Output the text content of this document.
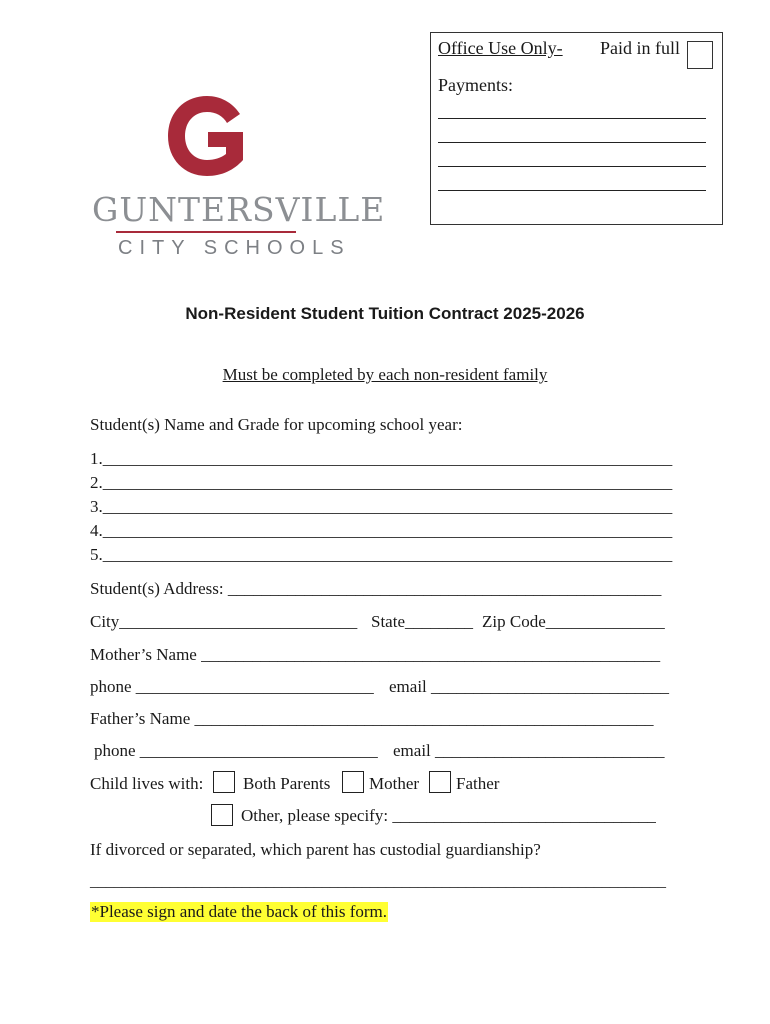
Office Use Only- Paid in full
Payments:
GUNTERSVILLE
CITY SCHOOLS
Non-Resident Student Tuition Contract 2025-2026
Must be completed by each non-resident family
Student(s) Name and Grade for upcoming school year:
1.___________________________________________________________________
2.___________________________________________________________________
3.___________________________________________________________________
4.___________________________________________________________________
5.___________________________________________________________________
Student(s) Address: ___________________________________________________
City____________________________ State________ Zip Code______________
Mother’s Name ______________________________________________________
phone ____________________________ email ____________________________
Father’s Name ______________________________________________________
phone ____________________________ email ___________________________
Child lives with: Both Parents Mother Father
Other, please specify: _______________________________
If divorced or separated, which parent has custodial guardianship?
________________________________________________________________________
*Please sign and date the back of this form.
